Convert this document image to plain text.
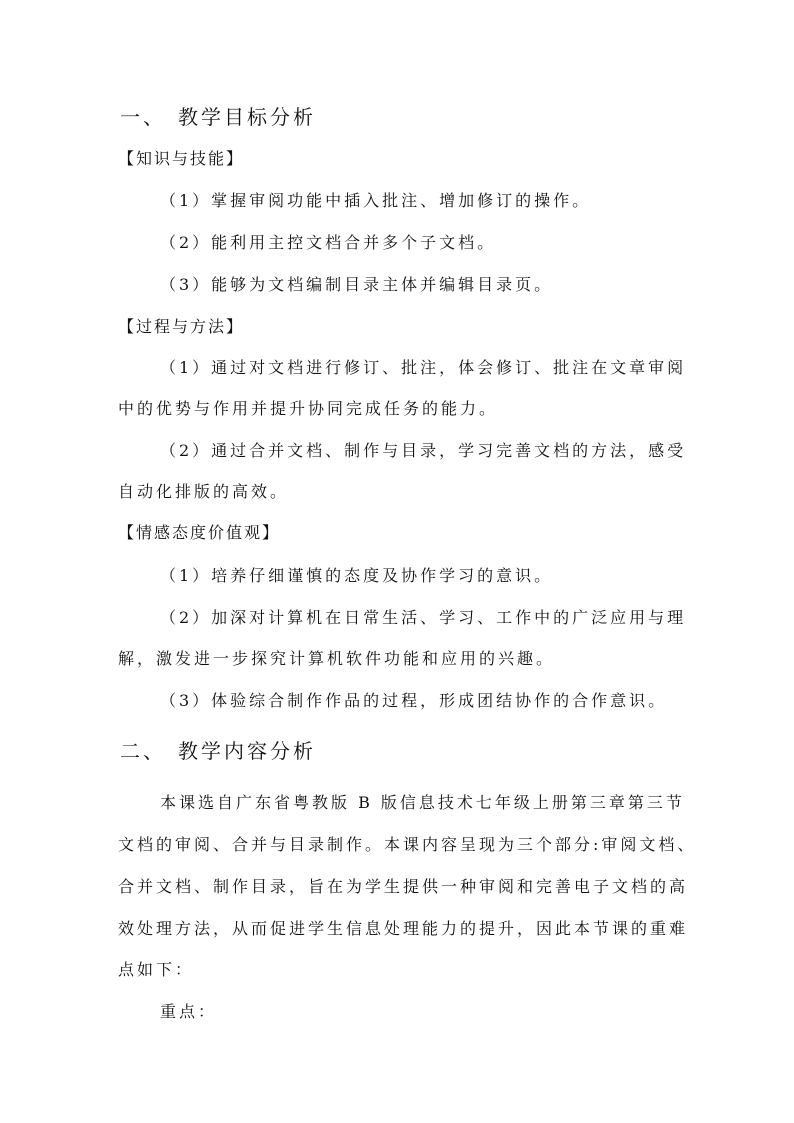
一、 教学目标分析
【知识与技能】
（1）掌握审阅功能中插入批注、增加修订的操作。
（2）能利用主控文档合并多个子文档。
（3）能够为文档编制目录主体并编辑目录页。
【过程与方法】
（1）通过对文档进行修订、批注，体会修订、批注在文章审阅
中的优势与作用并提升协同完成任务的能力。
（2）通过合并文档、制作与目录，学习完善文档的方法，感受
自动化排版的高效。
【情感态度价值观】
（1）培养仔细谨慎的态度及协作学习的意识。
（2）加深对计算机在日常生活、学习、工作中的广泛应用与理
解，激发进一步探究计算机软件功能和应用的兴趣。
（3）体验综合制作作品的过程，形成团结协作的合作意识。
二、 教学内容分析
本课选自广东省粤教版 B 版信息技术七年级上册第三章第三节
文档的审阅、合并与目录制作。本课内容呈现为三个部分:审阅文档、
合并文档、制作目录，旨在为学生提供一种审阅和完善电子文档的高
效处理方法，从而促进学生信息处理能力的提升，因此本节课的重难
点如下：
重点：
